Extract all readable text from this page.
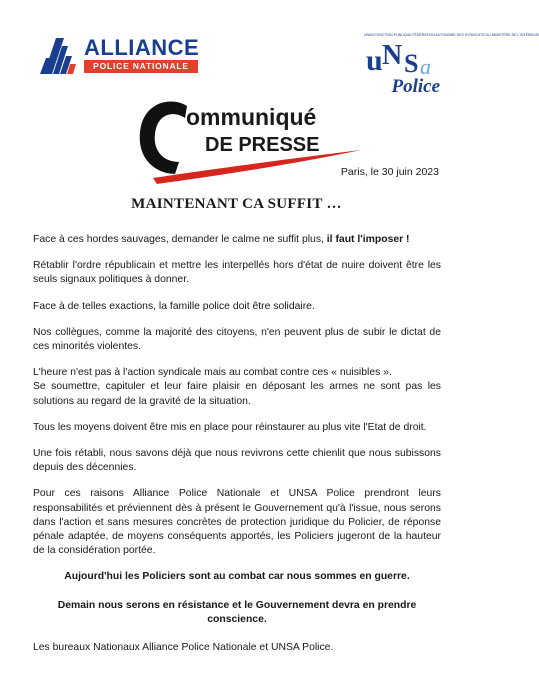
ALLIANCE
POLICE NATIONALE
UNSA FONCTION PUBLIQUE FÉDÉRATION AUTONOME DES SYNDICATS DU MINISTÈRE DE L'INTÉRIEUR
u N S a
Police
ommuniqué
DE PRESSE
Paris, le 30 juin 2023
MAINTENANT CA SUFFIT …

Face à ces hordes sauvages, demander le calme ne suffit plus, il faut l'imposer !

Rétablir l'ordre républicain et mettre les interpellés hors d'état de nuire doivent être les seuls signaux politiques à donner.

Face à de telles exactions, la famille police doit être solidaire.

Nos collègues, comme la majorité des citoyens, n'en peuvent plus de subir le dictat de ces minorités violentes.

L'heure n'est pas à l'action syndicale mais au combat contre ces « nuisibles ».
Se soumettre, capituler et leur faire plaisir en déposant les armes ne sont pas les solutions au regard de la gravité de la situation.

Tous les moyens doivent être mis en place pour réinstaurer au plus vite l'Etat de droit.

Une fois rétabli, nous savons déjà que nous revivrons cette chienlit que nous subissons depuis des décennies.

Pour ces raisons Alliance Police Nationale et UNSA Police prendront leurs responsabilités et préviennent dès à présent le Gouvernement qu'à l'issue, nous serons dans l'action et sans mesures concrètes de protection juridique du Policier, de réponse pénale adaptée, de moyens conséquents apportés, les Policiers jugeront de la hauteur de la considération portée.

Aujourd'hui les Policiers sont au combat car nous sommes en guerre.

Demain nous serons en résistance et le Gouvernement devra en prendre conscience.

Les bureaux Nationaux Alliance Police Nationale et UNSA Police.
